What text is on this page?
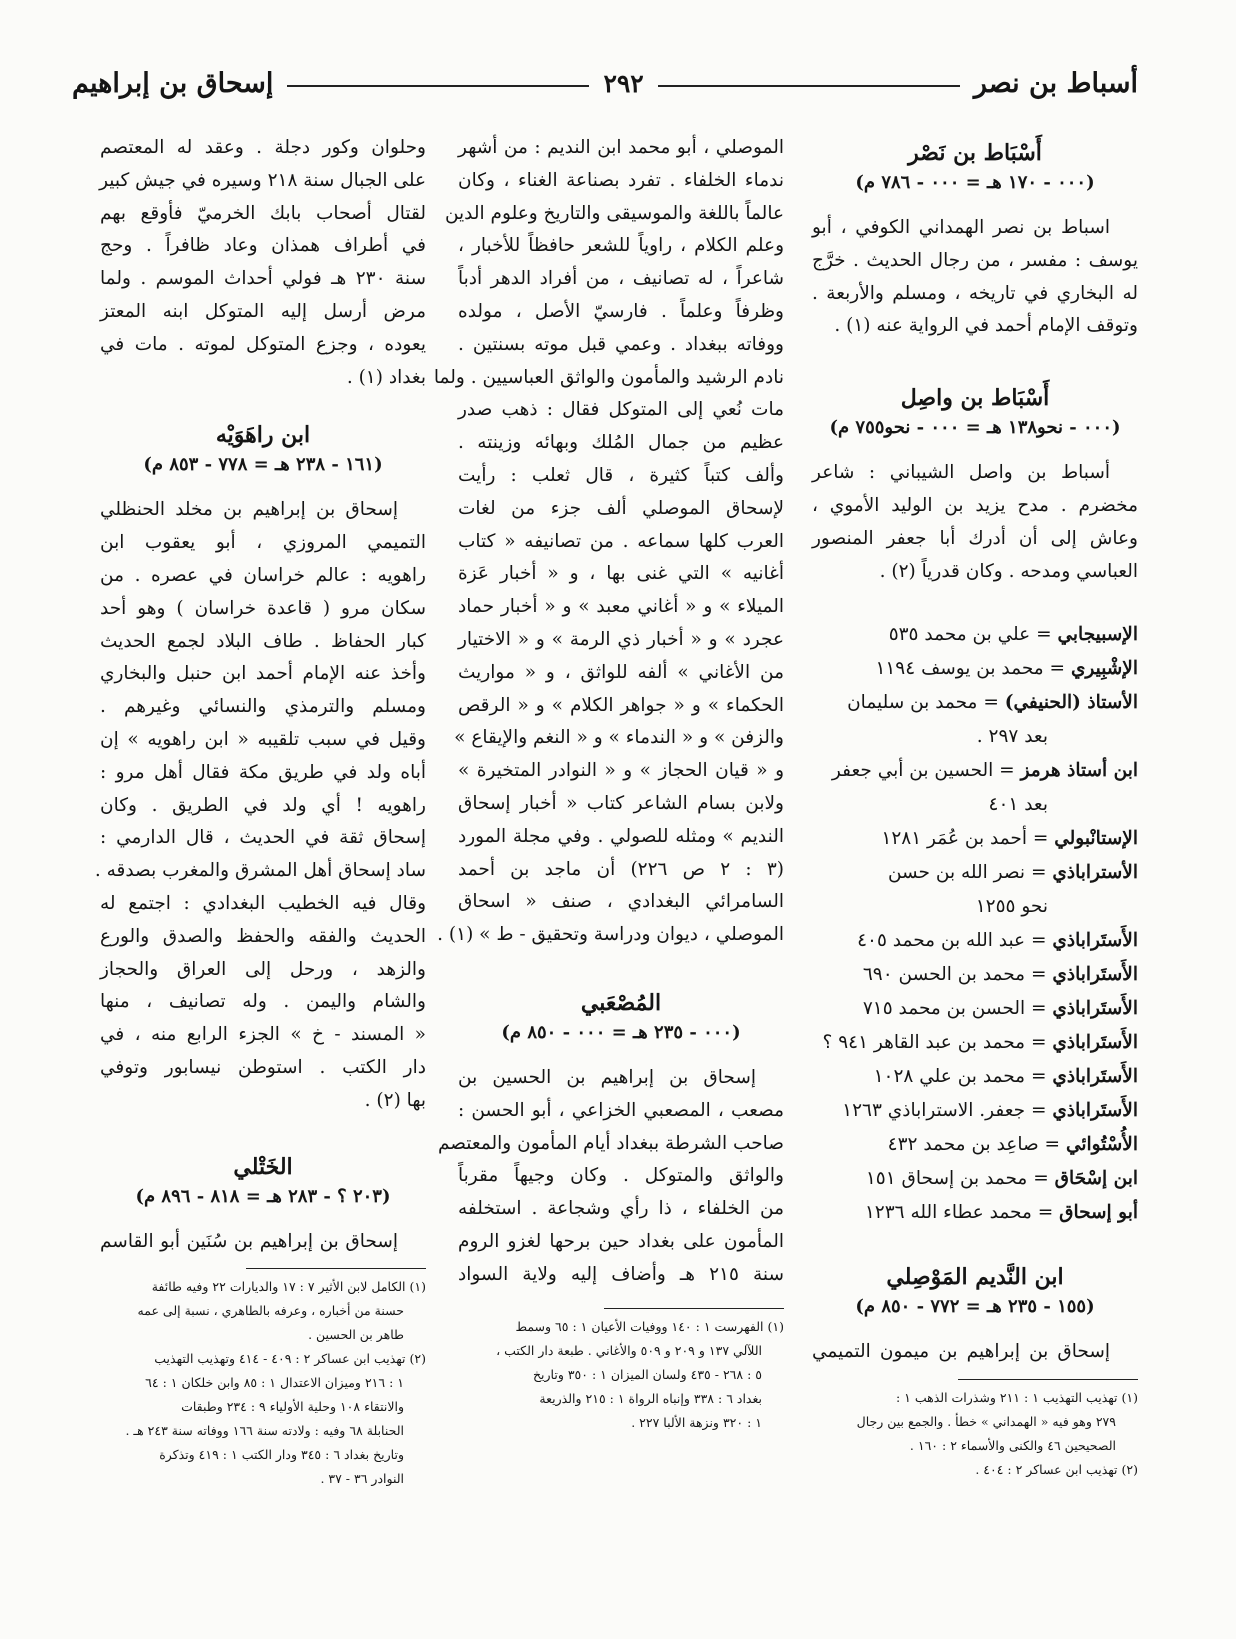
أسباط بن نصر
٢٩٢
إسحاق بن إبراهيم
أَسْبَاط بن نَصْر
(٠٠٠ - ١٧٠ هـ = ٠٠٠ - ٧٨٦ م)
اسباط بن نصر الهمداني الكوفي ، أبو
يوسف : مفسر ، من رجال الحديث . خرَّج
له البخاري في تاريخه ، ومسلم والأربعة .
وتوقف الإمام أحمد في الرواية عنه (١) .
أَسْبَاط بن واصِل
(٠٠٠ - نحو١٣٨ هـ = ٠٠٠ - نحو٧٥٥ م)
أسباط بن واصل الشيباني : شاعر
مخضرم . مدح يزيد بن الوليد الأموي ،
وعاش إلى أن أدرك أبا جعفر المنصور
العباسي ومدحه . وكان قدرياً (٢) .
الإسبيجابي = علي بن محمد ٥٣٥
الإشْبِيري = محمد بن يوسف ١١٩٤
الأستاذ (الحنيفي) = محمد بن سليمان
بعد ٢٩٧ .
ابن أستاذ هرمز = الحسين بن أبي جعفر
بعد ٤٠١
الإستانْبولي = أحمد بن عُمَر ١٢٨١
الأستراباذي = نصر الله بن حسن
نحو ١٢٥٥
الأَستَراباذي = عبد الله بن محمد ٤٠٥
الأَستَراباذي = محمد بن الحسن ٦٩٠
الأَستَراباذي = الحسن بن محمد ٧١٥
الأَستَراباذي = محمد بن عبد القاهر ٩٤١ ؟
الأَستَراباذي = محمد بن علي ١٠٢٨
الأَستَراباذي = جعفر. الاستراباذي ١٢٦٣
الأُسْتُوائي = صاعِد بن محمد ٤٣٢
ابن إسْحَاق = محمد بن إسحاق ١٥١
أبو إسحاق = محمد عطاء الله ١٢٣٦
ابن النَّديم المَوْصِلي
(١٥٥ - ٢٣٥ هـ = ٧٧٢ - ٨٥٠ م)
إسحاق بن إبراهيم بن ميمون التميمي
(١) تهذيب التهذيب ١ : ٢١١ وشذرات الذهب ١ :
٢٧٩ وهو فيه « الهمداني » خطأ . والجمع بين رجال
الصحيحين ٤٦ والكنى والأسماء ٢ : ١٦٠ .
(٢) تهذيب ابن عساكر ٢ : ٤٠٤ .
الموصلي ، أبو محمد ابن النديم : من أشهر
ندماء الخلفاء . تفرد بصناعة الغناء ، وكان
عالماً باللغة والموسيقى والتاريخ وعلوم الدين
وعلم الكلام ، راوياً للشعر حافظاً للأخبار ،
شاعراً ، له تصانيف ، من أفراد الدهر أدباً
وظرفاً وعلماً . فارسيّ الأصل ، مولده
ووفاته ببغداد . وعمي قبل موته بسنتين .
نادم الرشيد والمأمون والواثق العباسيين . ولما
مات نُعي إلى المتوكل فقال : ذهب صدر
عظيم من جمال المُلك وبهائه وزينته .
وألف كتباً كثيرة ، قال ثعلب : رأيت
لإسحاق الموصلي ألف جزء من لغات
العرب كلها سماعه . من تصانيفه « كتاب
أغانيه » التي غنى بها ، و « أخبار عَزة
الميلاء » و « أغاني معبد » و « أخبار حماد
عجرد » و « أخبار ذي الرمة » و « الاختيار
من الأغاني » ألفه للواثق ، و « مواريث
الحكماء » و « جواهر الكلام » و « الرقص
والزفن » و « الندماء » و « النغم والإيقاع »
و « قيان الحجاز » و « النوادر المتخيرة »
ولابن بسام الشاعر كتاب « أخبار إسحاق
النديم » ومثله للصولي . وفي مجلة المورد
(٣ : ٢ ص ٢٢٦) أن ماجد بن أحمد
السامرائي البغدادي ، صنف « اسحاق
الموصلي ، ديوان ودراسة وتحقيق - ط » (١) .
المُصْعَبي
(٠٠٠ - ٢٣٥ هـ = ٠٠٠ - ٨٥٠ م)
إسحاق بن إبراهيم بن الحسين بن
مصعب ، المصعبي الخزاعي ، أبو الحسن :
صاحب الشرطة ببغداد أيام المأمون والمعتصم
والواثق والمتوكل . وكان وجيهاً مقرباً
من الخلفاء ، ذا رأي وشجاعة . استخلفه
المأمون على بغداد حين برحها لغزو الروم
سنة ٢١٥ هـ وأضاف إليه ولاية السواد
(١) الفهرست ١ : ١٤٠ ووفيات الأعيان ١ : ٦٥ وسمط
اللآلي ١٣٧ و ٢٠٩ و ٥٠٩ والأغاني . طبعة دار الكتب ،
٥ : ٢٦٨ - ٤٣٥ ولسان الميزان ١ : ٣٥٠ وتاريخ
بغداد ٦ : ٣٣٨ وإنباه الرواة ١ : ٢١٥ والذريعة
١ : ٣٢٠ ونزهة الألبا ٢٢٧ .
وحلوان وكور دجلة . وعقد له المعتصم
على الجبال سنة ٢١٨ وسيره في جيش كبير
لقتال أصحاب بابك الخرميّ فأوقع بهم
في أطراف همذان وعاد ظافراً . وحج
سنة ٢٣٠ هـ فولي أحداث الموسم . ولما
مرض أرسل إليه المتوكل ابنه المعتز
يعوده ، وجزع المتوكل لموته . مات في
بغداد (١) .
ابن راهَوَيْه
(١٦١ - ٢٣٨ هـ = ٧٧٨ - ٨٥٣ م)
إسحاق بن إبراهيم بن مخلد الحنظلي
التميمي المروزي ، أبو يعقوب ابن
راهويه : عالم خراسان في عصره . من
سكان مرو ( قاعدة خراسان ) وهو أحد
كبار الحفاظ . طاف البلاد لجمع الحديث
وأخذ عنه الإمام أحمد ابن حنبل والبخاري
ومسلم والترمذي والنسائي وغيرهم .
وقيل في سبب تلقيبه « ابن راهويه » إن
أباه ولد في طريق مكة فقال أهل مرو :
راهويه ! أي ولد في الطريق . وكان
إسحاق ثقة في الحديث ، قال الدارمي :
ساد إسحاق أهل المشرق والمغرب بصدقه .
وقال فيه الخطيب البغدادي : اجتمع له
الحديث والفقه والحفظ والصدق والورع
والزهد ، ورحل إلى العراق والحجاز
والشام واليمن . وله تصانيف ، منها
« المسند - خ » الجزء الرابع منه ، في
دار الكتب . استوطن نيسابور وتوفي
بها (٢) .
الخَتْلي
(٢٠٣ ؟ - ٢٨٣ هـ = ٨١٨ - ٨٩٦ م)
إسحاق بن إبراهيم بن سُنَين أبو القاسم
(١) الكامل لابن الأثير ٧ : ١٧ والديارات ٢٢ وفيه طائفة
حسنة من أخباره ، وعرفه بالطاهري ، نسبة إلى عمه
طاهر بن الحسين .
(٢) تهذيب ابن عساكر ٢ : ٤٠٩ - ٤١٤ وتهذيب التهذيب
١ : ٢١٦ وميزان الاعتدال ١ : ٨٥ وابن خلكان ١ : ٦٤
والانتقاء ١٠٨ وحلية الأولياء ٩ : ٢٣٤ وطبقات
الحنابلة ٦٨ وفيه : ولادته سنة ١٦٦ ووفاته سنة ٢٤٣ هـ .
وتاريخ بغداد ٦ : ٣٤٥ ودار الكتب ١ : ٤١٩ وتذكرة
النوادر ٣٦ - ٣٧ .
